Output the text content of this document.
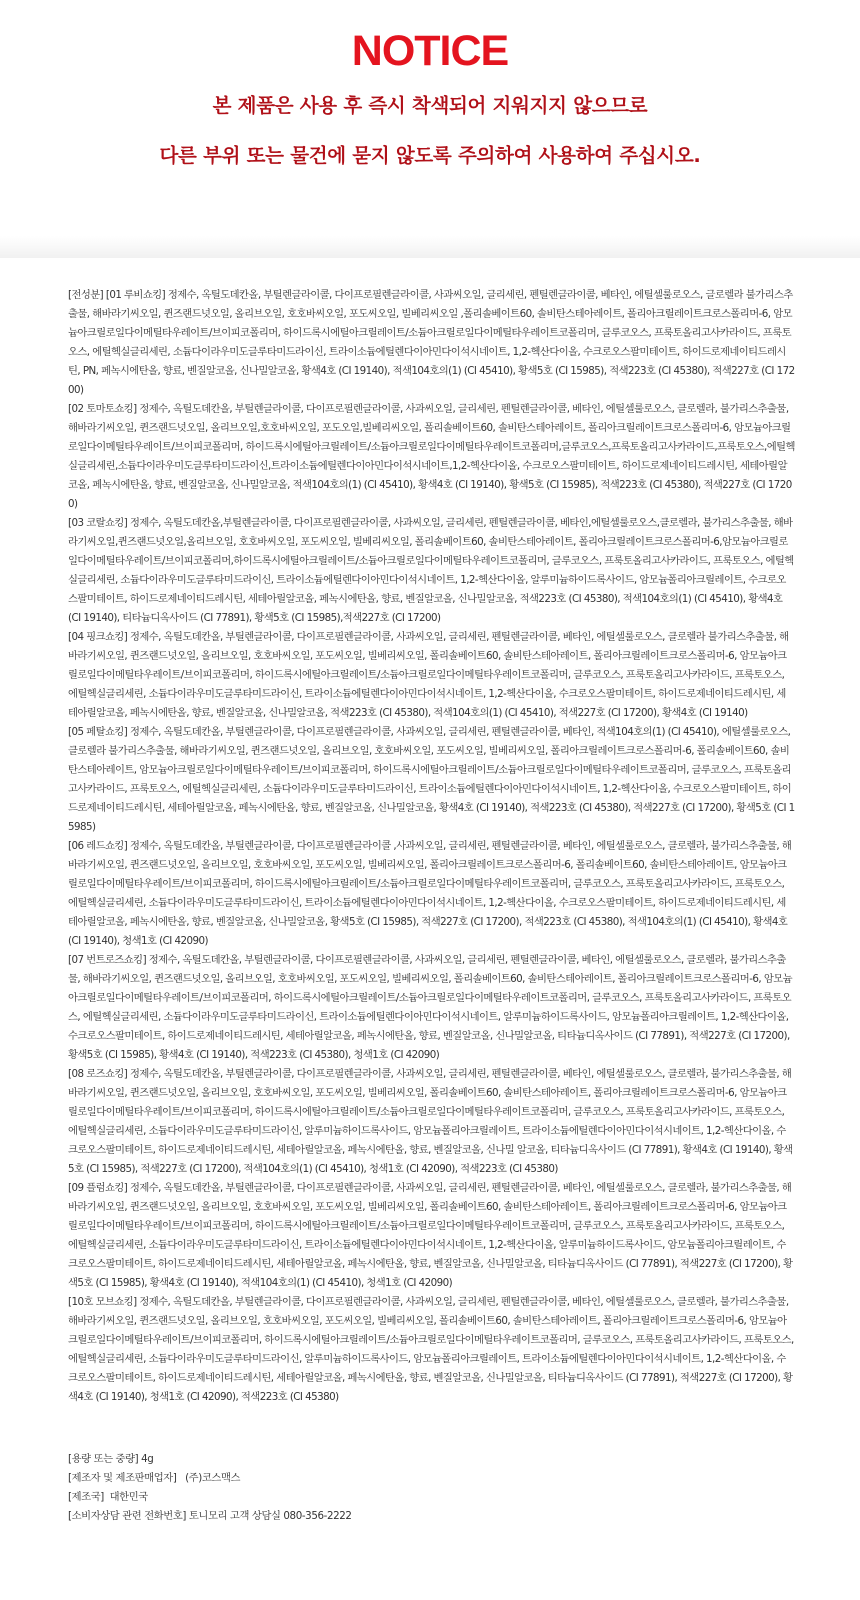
NOTICE
본 제품은 사용 후 즉시 착색되어 지워지지 않으므로
다른 부위 또는 물건에 묻지 않도록 주의하여 사용하여 주십시오.

[전성분] [01 루비쇼킹] 정제수, 옥틸도데칸올, 부틸렌글라이콜, 다이프로필렌글라이콜, 사과씨오일, 글리세린, 펜틸렌글라이콜, 베타인, 에틸셀룰로오스, 글로렐라 불가리스추출물, 해바라기씨오일, 퀸즈랜드넛오일, 올리브오일, 호호바씨오일, 포도씨오일, 빌베리씨오일 ,폴리솔베이트60, 솔비탄스테아레이트, 폴리아크릴레이트크로스폴리머-6, 암모늄아크릴로일다이메틸타우레이트/브이피코폴리머, 하이드록시에틸아크릴레이트/소듐아크릴로일다이메틸타우레이트코폴리머, 글루코오스, 프룩토올리고사카라이드, 프룩토오스, 에틸헥실글리세린, 소듐다이라우미도글루타미드라이신, 트라이소듐에틸렌다이아민다이석시네이트, 1,2-헥산다이올, 수크로오스팔미테이트, 하이드로제네이티드레시틴, PN, 페녹시에탄올, 향료, 벤질알코올, 신나밀알코올, 황색4호 (CI 19140), 적색104호의(1) (CI 45410), 황색5호 (CI 15985), 적색223호 (CI 45380), 적색227호 (CI 17200)

[02 토마토쇼킹] 정제수, 옥틸도데칸올, 부틸렌글라이콜, 다이프로필렌글라이콜, 사과씨오일, 글리세린, 펜틸렌글라이콜, 베타인, 에틸셀룰로오스, 클로렐라, 불가리스추출물, 해바라기씨오일, 퀸즈랜드넛오일, 올리브오일,호호바씨오일, 포도오일,빌베리씨오일, 폴리솔베이트60, 솔비탄스테아레이트, 폴리아크릴레이트크로스폴리머-6, 암모늄아크릴로일다이메틸타우레이트/브이피코폴리머, 하이드록시에틸아크릴레이트/소듐아크릴로일다이메틸타우레이트코폴리머,글루코오스,프룩토올리고사카라이드,프룩토오스,에틸헥실글리세린,소듐다이라우미도글루타미드라이신,트라이소듐에틸렌다이아민다이석시네이트,1,2-헥산다이올, 수크로오스팔미테이트, 하이드로제네이티드레시틴, 세테아릴알코올, 페녹시에탄올, 향료, 벤질알코올, 신나밀알코올, 적색104호의(1) (CI 45410), 황색4호 (CI 19140), 황색5호 (CI 15985), 적색223호 (CI 45380), 적색227호 (CI 17200)

[03 코랄쇼킹] 정제수, 옥틸도데칸올,부틸렌글라이콜, 다이프로필렌글라이콜, 사과씨오일, 글리세린, 펜틸렌글라이콜, 베타인,에틸셀룰로오스,클로렐라, 불가리스추출물, 해바라기씨오일,퀸즈랜드넛오일,올리브오일, 호호바씨오일, 포도씨오일, 빌베리씨오일, 폴리솔베이트60, 솔비탄스테아레이트, 폴리아크릴레이트크로스폴리머-6,암모늄아크릴로일다이메틸타우레이트/브이피코폴리머,하이드록시에틸아크릴레이트/소듐아크릴로일다이메틸타우레이트코폴리머, 글루코오스, 프룩토올리고사카라이드, 프룩토오스, 에틸헥실글리세린, 소듐다이라우미도글루타미드라이신, 트라이소듐에틸렌다이아민다이석시네이트, 1,2-헥산다이올, 알루미늄하이드록사이드, 암모늄폴리아크릴레이트, 수크로오스팔미테이트, 하이드로제네이티드레시틴, 세테아릴알코올, 페녹시에탄올, 향료, 벤질알코올, 신나밀알코올, 적색223호 (CI 45380), 적색104호의(1) (CI 45410), 황색4호 (CI 19140), 티타늄디옥사이드 (CI 77891), 황색5호 (CI 15985),적색227호 (CI 17200)

[04 핑크쇼킹] 정제수, 옥틸도데칸올, 부틸렌글라이콜, 다이프로필렌글라이콜, 사과씨오일, 글리세린, 펜틸렌글라이콜, 베타인, 에틸셀룰로오스, 클로렐라 불가리스추출물, 해바라기씨오일, 퀸즈랜드넛오일, 올리브오일, 호호바씨오일, 포도씨오일, 빌베리씨오일, 폴리솔베이트60, 솔비탄스테아레이트, 폴리아크릴레이트크로스폴리머-6, 암모늄아크릴로일다이메틸타우레이트/브이피코폴리머, 하이드록시에틸아크릴레이트/소듐아크릴로일다이메틸타우레이트코폴리머, 글루코오스, 프룩토올리고사카라이드, 프룩토오스, 에틸헥실글리세린, 소듐다이라우미도글루타미드라이신, 트라이소듐에틸렌다이아민다이석시네이트, 1,2-헥산다이올, 수크로오스팔미테이트, 하이드로제네이티드레시틴, 세테아릴알코올, 페녹시에탄올, 향료, 벤질알코올, 신나밀알코올, 적색223호 (CI 45380), 적색104호의(1) (CI 45410), 적색227호 (CI 17200), 황색4호 (CI 19140)

[05 페탈쇼킹] 정제수, 옥틸도데칸올, 부틸렌글라이콜, 다이프로필렌글라이콜, 사과씨오일, 글리세린, 펜틸렌글라이콜, 베타인, 적색104호의(1) (CI 45410), 에틸셀룰로오스, 클로렐라 불가리스추출물, 해바라기씨오일, 퀸즈랜드넛오일, 올리브오일, 호호바씨오일, 포도씨오일, 빌베리씨오일, 폴리아크릴레이트크로스폴리머-6, 폴리솔베이트60, 솔비탄스테아레이트, 암모늄아크릴로일다이메틸타우레이트/브이피코폴리머, 하이드록시에틸아크릴레이트/소듐아크릴로일다이메틸타우레이트코폴리머, 글루코오스, 프룩토올리고사카라이드, 프룩토오스, 에틸헥실글리세린, 소듐다이라우미도글루타미드라이신, 트라이소듐에틸렌다이아민다이석시네이트, 1,2-헥산다이올, 수크로오스팔미테이트, 하이드로제네이티드레시틴, 세테아릴알코올, 페녹시에탄올, 향료, 벤질알코올, 신나밀알코올, 황색4호 (CI 19140), 적색223호 (CI 45380), 적색227호 (CI 17200), 황색5호 (CI 15985)

[06 레드쇼킹] 정제수, 옥틸도데칸올, 부틸렌글라이콜, 다이프로필렌글라이콜 ,사과씨오일, 글리세린, 펜틸렌글라이콜, 베타인, 에틸셀룰로오스, 클로렐라, 불가리스추출물, 해바라기씨오일, 퀸즈랜드넛오일, 올리브오일, 호호바씨오일, 포도씨오일, 빌베리씨오일, 폴리아크릴레이트크로스폴리머-6, 폴리솔베이트60, 솔비탄스테아레이트, 암모늄아크릴로일다이메틸타우레이트/브이피코폴리머, 하이드록시에틸아크릴레이트/소듐아크릴로일다이메틸타우레이트코폴리머, 글루코오스, 프룩토올리고사카라이드, 프룩토오스, 에틸헥실글리세린, 소듐다이라우미도글루타미드라이신, 트라이소듐에틸렌다이아민다이석시네이트, 1,2-헥산다이올, 수크로오스팔미테이트, 하이드로제네이티드레시틴, 세테아릴알코올, 페녹시에탄올, 향료, 벤질알코올, 신나밀알코올, 황색5호 (CI 15985), 적색227호 (CI 17200), 적색223호 (CI 45380), 적색104호의(1) (CI 45410), 황색4호 (CI 19140), 청색1호 (CI 42090)

[07 번트로즈쇼킹] 정제수, 옥틸도데칸올, 부틸렌글라이콜, 다이프로필렌글라이콜, 사과씨오일, 글리세린, 펜틸렌글라이콜, 베타인, 에틸셀룰로오스, 클로렐라, 불가리스추출물, 해바라기씨오일, 퀸즈랜드넛오일, 올리브오일, 호호바씨오일, 포도씨오일, 빌베리씨오일, 폴리솔베이트60, 솔비탄스테아레이트, 폴리아크릴레이트크로스폴리머-6, 암모늄아크릴로일다이메틸타우레이트/브이피코폴리머, 하이드록시에틸아크릴레이트/소듐아크릴로일다이메틸타우레이트코폴리머, 글루코오스, 프룩토올리고사카라이드, 프룩토오스, 에틸헥실글리세린, 소듐다이라우미도글루타미드라이신, 트라이소듐에틸렌다이아민다이석시네이트, 알루미늄하이드록사이드, 암모늄폴리아크릴레이트, 1,2-헥산다이올, 수크로오스팔미테이트, 하이드로제네이티드레시틴, 세테아릴알코올, 페녹시에탄올, 향료, 벤질알코올, 신나밀알코올, 티타늄디옥사이드 (CI 77891), 적색227호 (CI 17200), 황색5호 (CI 15985), 황색4호 (CI 19140), 적색223호 (CI 45380), 청색1호 (CI 42090)

[08 로즈쇼킹] 정제수, 옥틸도데칸올, 부틸렌글라이콜, 다이프로필렌글라이콜, 사과씨오일, 글리세린, 펜틸렌글라이콜, 베타인, 에틸셀룰로오스, 클로렐라, 불가리스추출물, 해바라기씨오일, 퀸즈랜드넛오일, 올리브오일, 호호바씨오일, 포도씨오일, 빌베리씨오일, 폴리솔베이트60, 솔비탄스테아레이트, 폴리아크릴레이트크로스폴리머-6, 암모늄아크릴로일다이메틸타우레이트/브이피코폴리머, 하이드록시에틸아크릴레이트/소듐아크릴로일다이메틸타우레이트코폴리머, 글루코오스, 프룩토올리고사카라이드, 프룩토오스, 에틸헥실글리세린, 소듐다이라우미도글루타미드라이신, 알루미늄하이드록사이드, 암모늄폴리아크릴레이트, 트라이소듐에틸렌다이아민다이석시네이트, 1,2-헥산다이올, 수크로오스팔미테이트, 하이드로제네이티드레시틴, 세테아릴알코올, 페녹시에탄올, 향료, 벤질알코올, 신나밀 알코올, 티타늄디옥사이드 (CI 77891), 황색4호 (CI 19140), 황색5호 (CI 15985), 적색227호 (CI 17200), 적색104호의(1) (CI 45410), 청색1호 (CI 42090), 적색223호 (CI 45380)

[09 플럼쇼킹] 정제수, 옥틸도데칸올, 부틸렌글라이콜, 다이프로필렌글라이콜, 사과씨오일, 글리세린, 펜틸렌글라이콜, 베타인, 에틸셀룰로오스, 클로렐라, 불가리스추출물, 해바라기씨오일, 퀸즈랜드넛오일, 올리브오일, 호호바씨오일, 포도씨오일, 빌베리씨오일, 폴리솔베이트60, 솔비탄스테아레이트, 폴리아크릴레이트크로스폴리머-6, 암모늄아크릴로일다이메틸타우레이트/브이피코폴리머, 하이드록시에틸아크릴레이트/소듐아크릴로일다이메틸타우레이트코폴리머, 글루코오스, 프룩토올리고사카라이드, 프룩토오스, 에틸헥실글리세린, 소듐다이라우미도글루타미드라이신, 트라이소듐에틸렌다이아민다이석시네이트, 1,2-헥산다이올, 알루미늄하이드록사이드, 암모늄폴리아크릴레이트, 수크로오스팔미테이트, 하이드로제네이티드레시틴, 세테아릴알코올, 페녹시에탄올, 향료, 벤질알코올, 신나밀알코올, 티타늄디옥사이드 (CI 77891), 적색227호 (CI 17200), 황색5호 (CI 15985), 황색4호 (CI 19140), 적색104호의(1) (CI 45410), 청색1호 (CI 42090)

[10호 모브쇼킹] 정제수, 옥틸도데칸올, 부틸렌글라이콜, 다이프로필렌글라이콜, 사과씨오일, 글리세린, 펜틸렌글라이콜, 베타인, 에틸셀룰로오스, 클로렐라, 불가리스추출물, 해바라기씨오일, 퀸즈랜드넛오일, 올리브오일, 호호바씨오일, 포도씨오일, 빌베리씨오일, 폴리솔베이트60, 솔비탄스테아레이트, 폴리아크릴레이트크로스폴리머-6, 암모늄아크릴로일다이메틸타우레이트/브이피코폴리머, 하이드록시에틸아크릴레이트/소듐아크릴로일다이메틸타우레이트코폴리머, 글루코오스, 프룩토올리고사카라이드, 프룩토오스, 에틸헥실글리세린, 소듐다이라우미도글루타미드라이신, 알루미늄하이드록사이드, 암모늄폴리아크릴레이트, 트라이소듐에틸렌다이아민다이석시네이트, 1,2-헥산다이올, 수크로오스팔미테이트, 하이드로제네이티드레시틴, 세테아릴알코올, 페녹시에탄올, 향료, 벤질알코올, 신나밀알코올, 티타늄디옥사이드 (CI 77891), 적색227호 (CI 17200), 황색4호 (CI 19140), 청색1호 (CI 42090), 적색223호 (CI 45380)

[용량 또는 중량] 4g

[제조자 및 제조판매업자]   (주)코스맥스

[제조국]  대한민국

[소비자상담 관련 전화번호] 토니모리 고객 상담실 080-356-2222
